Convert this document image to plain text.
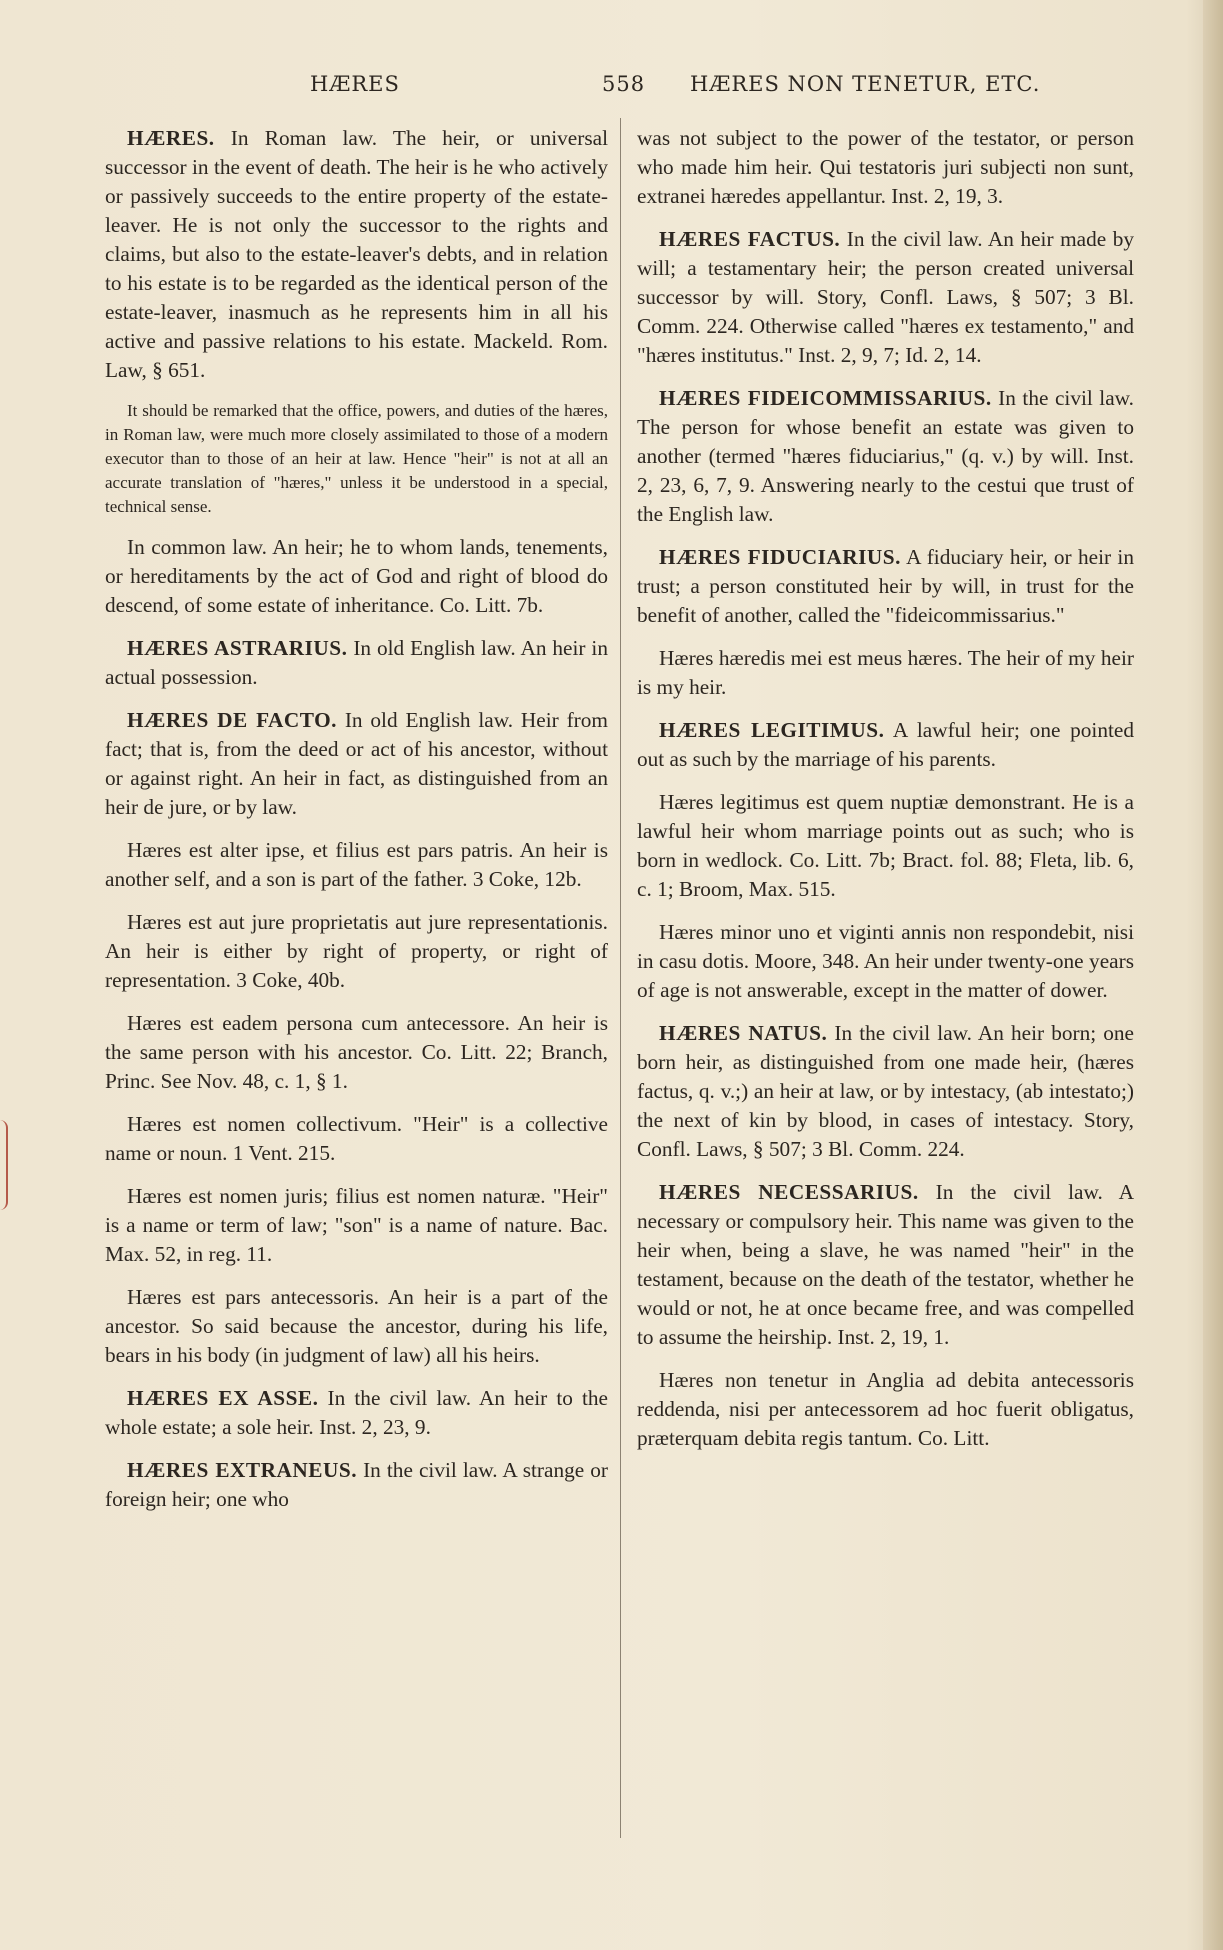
HÆRES	558 HÆRES NON TENETUR, ETC.

HÆRES. In Roman law. The heir, or universal successor in the event of death. The heir is he who actively or passively succeeds to the entire property of the estate-leaver. He is not only the successor to the rights and claims, but also to the estate-leaver's debts, and in relation to his estate is to be regarded as the identical person of the estate-leaver, inasmuch as he represents him in all his active and passive relations to his estate. Mackeld. Rom. Law, § 651.

It should be remarked that the office, powers, and duties of the hæres, in Roman law, were much more closely assimilated to those of a modern executor than to those of an heir at law. Hence "heir" is not at all an accurate translation of "hæres," unless it be understood in a special, technical sense.

In common law. An heir; he to whom lands, tenements, or hereditaments by the act of God and right of blood do descend, of some estate of inheritance. Co. Litt. 7b.

HÆRES ASTRARIUS. In old English law. An heir in actual possession.

HÆRES DE FACTO. In old English law. Heir from fact; that is, from the deed or act of his ancestor, without or against right. An heir in fact, as distinguished from an heir de jure, or by law.

Hæres est alter ipse, et filius est pars patris. An heir is another self, and a son is part of the father. 3 Coke, 12b.

Hæres est aut jure proprietatis aut jure representationis. An heir is either by right of property, or right of representation. 3 Coke, 40b.

Hæres est eadem persona cum antecessore. An heir is the same person with his ancestor. Co. Litt. 22; Branch, Princ. See Nov. 48, c. 1, § 1.

Hæres est nomen collectivum. "Heir" is a collective name or noun. 1 Vent. 215.

Hæres est nomen juris; filius est nomen naturæ. "Heir" is a name or term of law; "son" is a name of nature. Bac. Max. 52, in reg. 11.

Hæres est pars antecessoris. An heir is a part of the ancestor. So said because the ancestor, during his life, bears in his body (in judgment of law) all his heirs.

HÆRES EX ASSE. In the civil law. An heir to the whole estate; a sole heir. Inst. 2, 23, 9.

HÆRES EXTRANEUS. In the civil law. A strange or foreign heir; one who

was not subject to the power of the testator, or person who made him heir. Qui testatoris juri subjecti non sunt, extranei hæredes appellantur. Inst. 2, 19, 3.

HÆRES FACTUS. In the civil law. An heir made by will; a testamentary heir; the person created universal successor by will. Story, Confl. Laws, § 507; 3 Bl. Comm. 224. Otherwise called "hæres ex testamento," and "hæres institutus." Inst. 2, 9, 7; Id. 2, 14.

HÆRES FIDEICOMMISSARIUS. In the civil law. The person for whose benefit an estate was given to another (termed "hæres fiduciarius," (q. v.) by will. Inst. 2, 23, 6, 7, 9. Answering nearly to the cestui que trust of the English law.

HÆRES FIDUCIARIUS. A fiduciary heir, or heir in trust; a person constituted heir by will, in trust for the benefit of another, called the "fideicommissarius."

Hæres hæredis mei est meus hæres. The heir of my heir is my heir.

HÆRES LEGITIMUS. A lawful heir; one pointed out as such by the marriage of his parents.

Hæres legitimus est quem nuptiæ demonstrant. He is a lawful heir whom marriage points out as such; who is born in wedlock. Co. Litt. 7b; Bract. fol. 88; Fleta, lib. 6, c. 1; Broom, Max. 515.

Hæres minor uno et viginti annis non respondebit, nisi in casu dotis. Moore, 348. An heir under twenty-one years of age is not answerable, except in the matter of dower.

HÆRES NATUS. In the civil law. An heir born; one born heir, as distinguished from one made heir, (hæres factus, q. v.;) an heir at law, or by intestacy, (ab intestato;) the next of kin by blood, in cases of intestacy. Story, Confl. Laws, § 507; 3 Bl. Comm. 224.

HÆRES NECESSARIUS. In the civil law. A necessary or compulsory heir. This name was given to the heir when, being a slave, he was named "heir" in the testament, because on the death of the testator, whether he would or not, he at once became free, and was compelled to assume the heirship. Inst. 2, 19, 1.

Hæres non tenetur in Anglia ad debita antecessoris reddenda, nisi per antecessorem ad hoc fuerit obligatus, præterquam debita regis tantum. Co. Litt.
